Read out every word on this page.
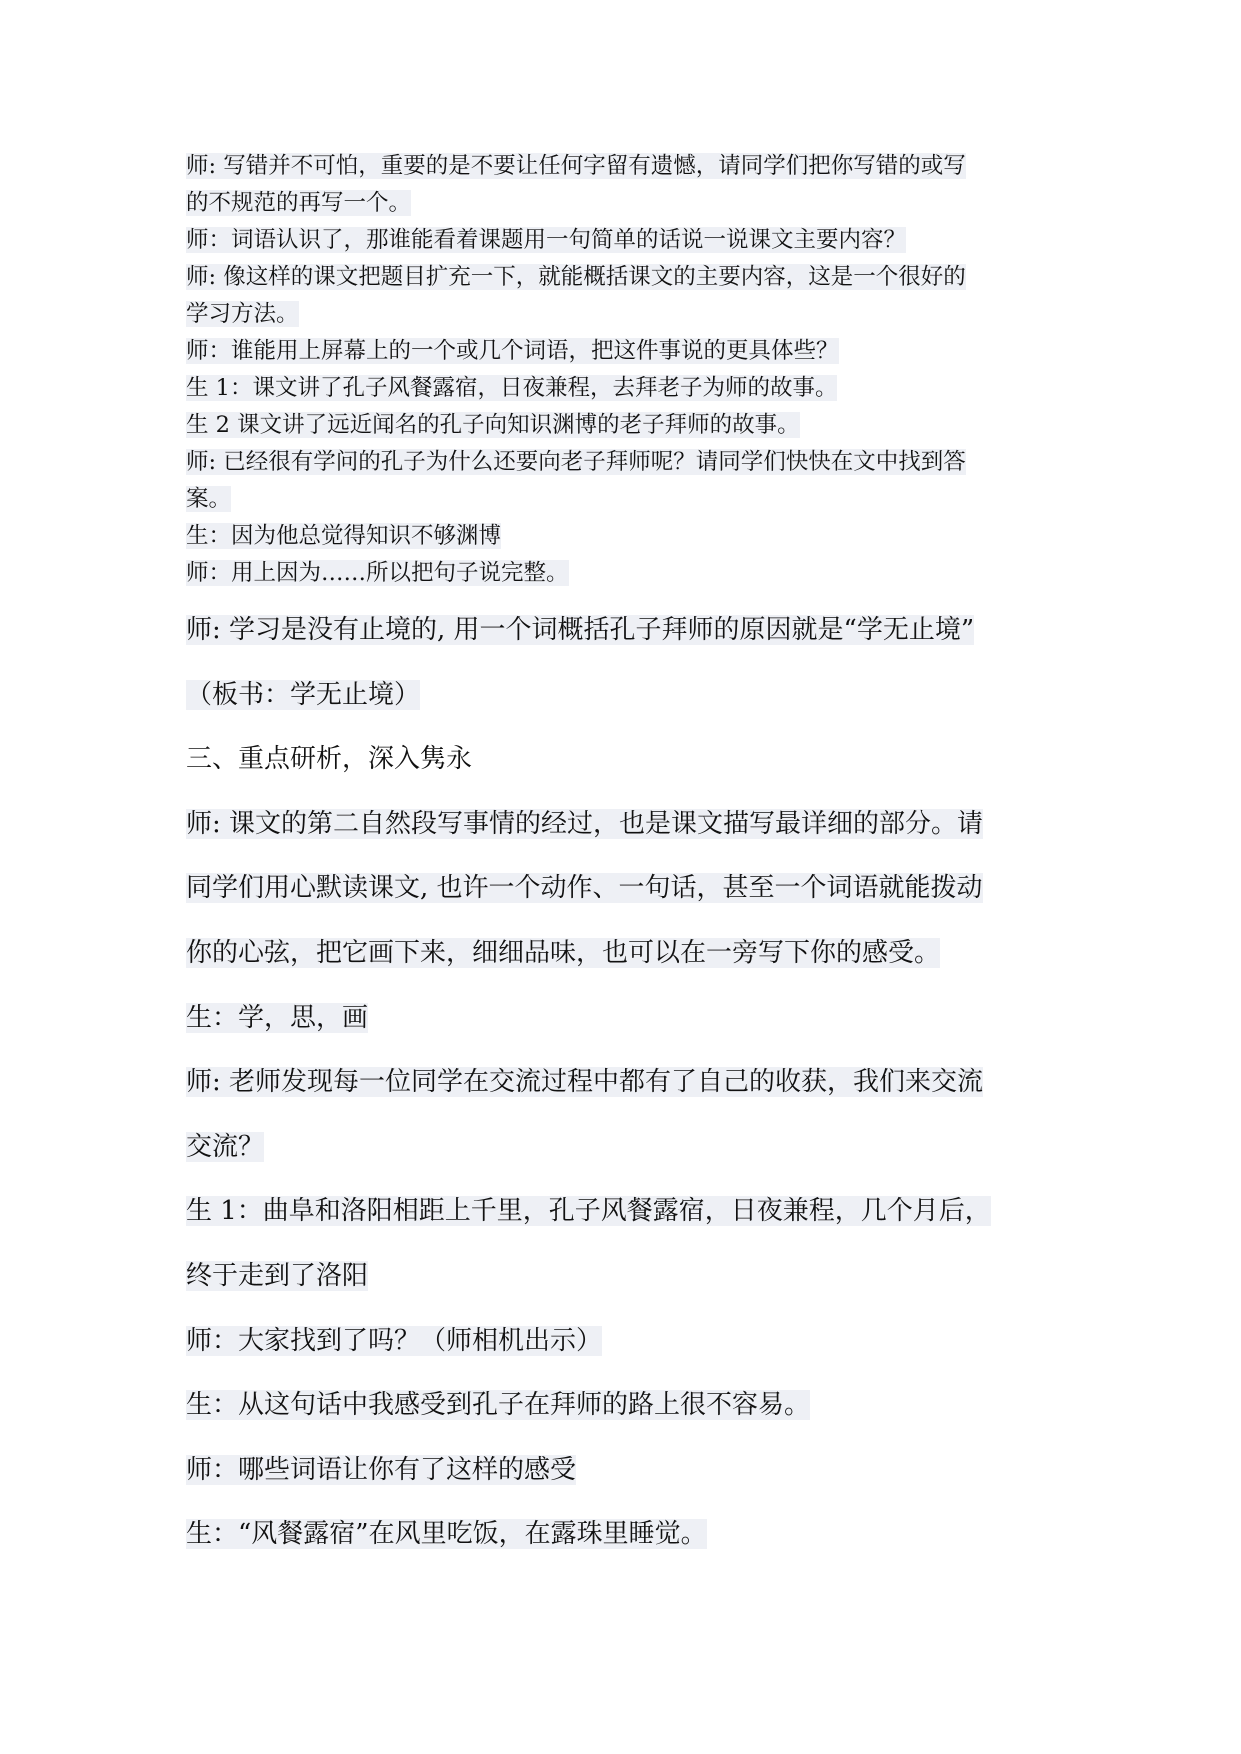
师: 写错并不可怕，重要的是不要让任何字留有遗憾，请同学们把你写错的或写
的不规范的再写一个。
师：词语认识了，那谁能看着课题用一句简单的话说一说课文主要内容？
师: 像这样的课文把题目扩充一下，就能概括课文的主要内容，这是一个很好的
学习方法。
师：谁能用上屏幕上的一个或几个词语，把这件事说的更具体些？
生 1：课文讲了孔子风餐露宿，日夜兼程，去拜老子为师的故事。
生 2 课文讲了远近闻名的孔子向知识渊博的老子拜师的故事。
师: 已经很有学问的孔子为什么还要向老子拜师呢？请同学们快快在文中找到答
案。
生：因为他总觉得知识不够渊博
师：用上因为……所以把句子说完整。
师: 学习是没有止境的, 用一个词概括孔子拜师的原因就是“学无止境”
（板书：学无止境）
三、重点研析，深入隽永
师: 课文的第二自然段写事情的经过，也是课文描写最详细的部分。请
同学们用心默读课文, 也许一个动作、一句话，甚至一个词语就能拨动
你的心弦，把它画下来，细细品味，也可以在一旁写下你的感受。
生：学，思，画
师: 老师发现每一位同学在交流过程中都有了自己的收获，我们来交流
交流？
生 1：曲阜和洛阳相距上千里，孔子风餐露宿，日夜兼程，几个月后，
终于走到了洛阳
师：大家找到了吗？（师相机出示）
生：从这句话中我感受到孔子在拜师的路上很不容易。
师：哪些词语让你有了这样的感受
生：“风餐露宿”在风里吃饭，在露珠里睡觉。
